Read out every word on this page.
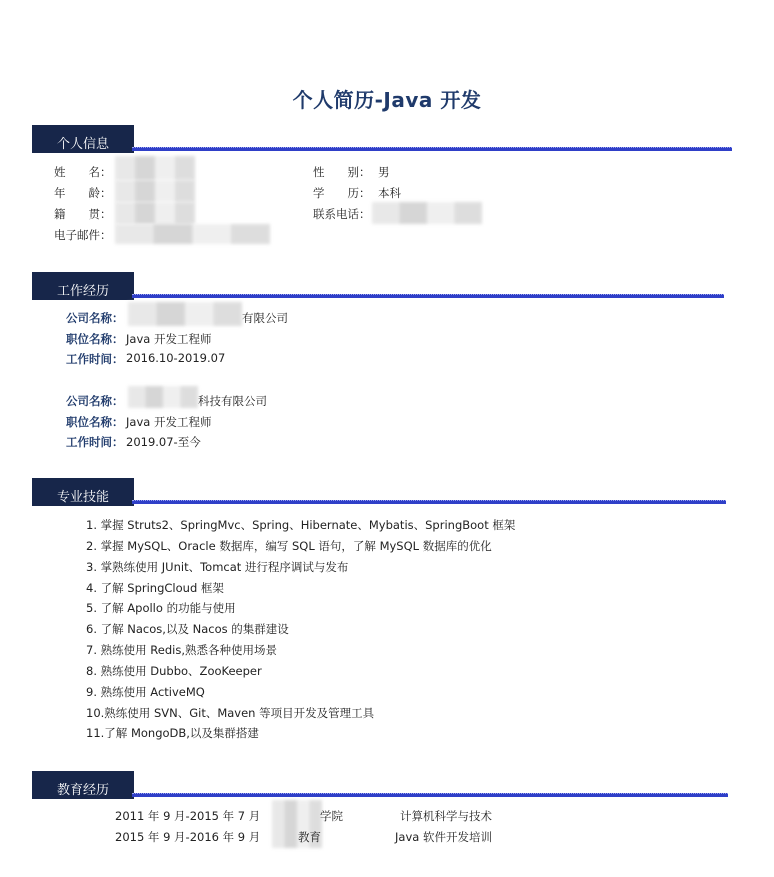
个人简历-Java 开发
个人信息
姓　　名：	性　　别： 男
年　　龄：	学　　历： 本科
籍　　贯：	联系电话：
电子邮件：
工作经历
公司名称：	有限公司
职位名称： Java 开发工程师
工作时间： 2016.10-2019.07
公司名称：	科技有限公司
职位名称： Java 开发工程师
工作时间： 2019.07-至今
专业技能
1. 掌握 Struts2、SpringMvc、Spring、Hibernate、Mybatis、SpringBoot 框架
2. 掌握 MySQL、Oracle 数据库，编写 SQL 语句，了解 MySQL 数据库的优化
3. 掌熟练使用 JUnit、Tomcat 进行程序调试与发布
4. 了解 SpringCloud 框架
5. 了解 Apollo 的功能与使用
6. 了解 Nacos,以及 Nacos 的集群建设
7. 熟练使用 Redis,熟悉各种使用场景
8. 熟练使用 Dubbo、ZooKeeper
9. 熟练使用 ActiveMQ
10.熟练使用 SVN、Git、Maven 等项目开发及管理工具
11.了解 MongoDB,以及集群搭建
教育经历
2011 年 9 月-2015 年 7 月	学院	计算机科学与技术
2015 年 9 月-2016 年 9 月	教育	Java 软件开发培训
